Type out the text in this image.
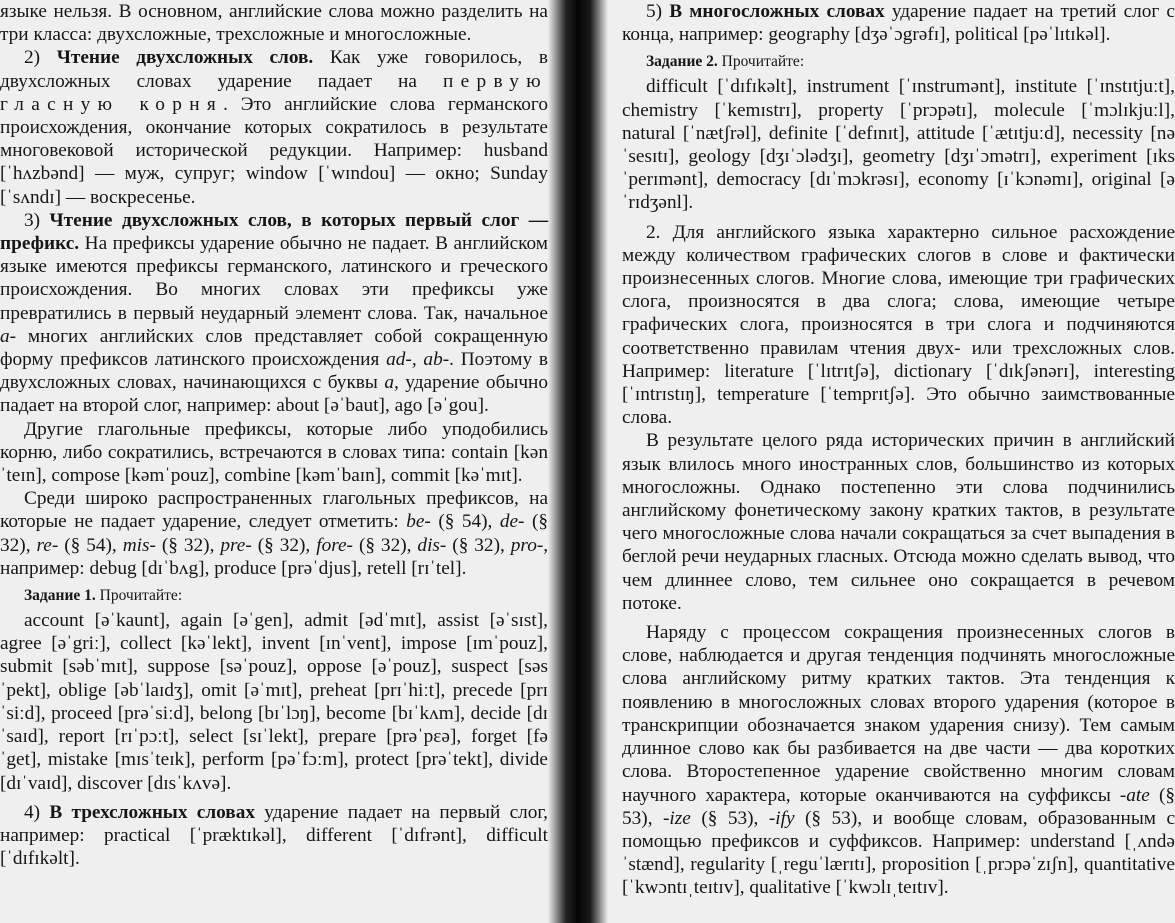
языке нельзя. В основном, английские слова можно разделить на три класса: двухсложные, трехсложные и многосложные.

2) Чтение двухсложных слов. Как уже говорилось, в двухсложных словах ударение падает на первую гласную корня. Это английские слова германского происхождения, окончание которых сократилось в результате многовековой исторической редукции. Например: husband [ˈhʌzbənd] — муж, супруг; window [ˈwɪndou] — окно; Sunday [ˈsʌndɪ] — воскресенье.

3) Чтение двухсложных слов, в которых первый слог — префикс. На префиксы ударение обычно не падает. В английском языке имеются префиксы германского, латинского и греческого происхождения. Во многих словах эти префиксы уже превратились в первый неударный элемент слова. Так, начальное a- многих английских слов представляет собой сокращенную форму префиксов латинского происхождения ad-, ab-. Поэтому в двухсложных словах, начинающихся с буквы a, ударение обычно падает на второй слог, например: about [əˈbaut], ago [əˈgou].

Другие глагольные префиксы, которые либо уподобились корню, либо сократились, встречаются в словах типа: contain [kənˈteɪn], compose [kəmˈpouz], combine [kəmˈbaɪn], commit [kəˈmɪt].

Среди широко распространенных глагольных префиксов, на которые не падает ударение, следует отметить: be- (§ 54), de- (§ 32), re- (§ 54), mis- (§ 32), pre- (§ 32), fore- (§ 32), dis- (§ 32), pro-, например: debug [dɪˈbʌg], produce [prəˈdjus], retell [rɪˈtel].

Задание 1. Прочитайте:

account [əˈkaunt], again [əˈgen], admit [ədˈmɪt], assist [əˈsɪst], agree [əˈgriː], collect [kəˈlekt], invent [ɪnˈvent], impose [ɪmˈpouz], submit [səbˈmɪt], suppose [səˈpouz], oppose [əˈpouz], suspect [səsˈpekt], oblige [əbˈlaɪdʒ], omit [əˈmɪt], preheat [prɪˈhiːt], precede [prɪˈsiːd], proceed [prəˈsiːd], belong [bɪˈlɔŋ], become [bɪˈkʌm], decide [dɪˈsaɪd], report [rɪˈpɔːt], select [sɪˈlekt], prepare [prəˈpɛə], forget [fəˈget], mistake [mɪsˈteɪk], perform [pəˈfɔːm], protect [prəˈtekt], divide [dɪˈvaɪd], discover [dɪsˈkʌvə].

4) В трехсложных словах ударение падает на первый слог, например: practical [ˈpræktɪkəl], different [ˈdɪfrənt], difficult [ˈdɪfɪkəlt].

5) В многосложных словах ударение падает на третий слог с конца, например: geography [dʒəˈɔgrəfɪ], political [pəˈlɪtɪkəl].

Задание 2. Прочитайте:

difficult [ˈdɪfɪkəlt], instrument [ˈɪnstrumənt], institute [ˈɪnstɪtjuːt], chemistry [ˈkemɪstrɪ], property [ˈprɔpətɪ], molecule [ˈmɔlɪkjuːl], natural [ˈnætʃrəl], definite [ˈdefɪnɪt], attitude [ˈætɪtjuːd], necessity [nəˈsesɪtɪ], geology [dʒɪˈɔlədʒɪ], geometry [dʒɪˈɔmətrɪ], experiment [ɪksˈperɪmənt], democracy [dɪˈmɔkrəsɪ], economy [ɪˈkɔnəmɪ], original [əˈrɪdʒənl].

2. Для английского языка характерно сильное расхождение между количеством графических слогов в слове и фактически произнесенных слогов. Многие слова, имеющие три графических слога, произносятся в два слога; слова, имеющие четыре графических слога, произносятся в три слога и подчиняются соответственно правилам чтения двух- или трехсложных слов. Например: literature [ˈlɪtrɪtʃə], dictionary [ˈdɪkʃənərɪ], interesting [ˈɪntrɪstɪŋ], temperature [ˈtemprɪtʃə]. Это обычно заимствованные слова.

В результате целого ряда исторических причин в английский язык влилось много иностранных слов, большинство из которых многосложны. Однако постепенно эти слова подчинились английскому фонетическому закону кратких тактов, в результате чего многосложные слова начали сокращаться за счет выпадения в беглой речи неударных гласных. Отсюда можно сделать вывод, что чем длиннее слово, тем сильнее оно сокращается в речевом потоке.

Наряду с процессом сокращения произнесенных слогов в слове, наблюдается и другая тенденция подчинять многосложные слова английскому ритму кратких тактов. Эта тенденция к появлению в многосложных словах второго ударения (которое в транскрипции обозначается знаком ударения снизу). Тем самым длинное слово как бы разбивается на две части — два коротких слова. Второстепенное ударение свойственно многим словам научного характера, которые оканчиваются на суффиксы -ate (§ 53), -ize (§ 53), -ify (§ 53), и вообще словам, образованным с помощью префиксов и суффиксов. Например: understand [ˌʌndəˈstænd], regularity [ˌreguˈlærɪtɪ], proposition [ˌprɔpəˈzɪʃn], quantitative [ˈkwɔntɪˌteɪtɪv], qualitative [ˈkwɔlɪˌteɪtɪv].
